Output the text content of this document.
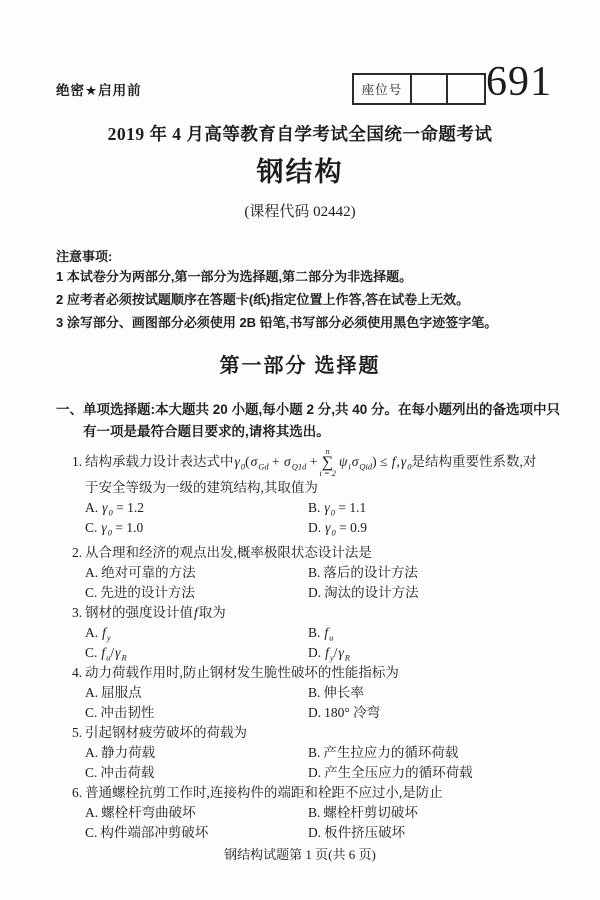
绝密★启用前	座位号 691
2019 年 4 月高等教育自学考试全国统一命题考试
钢结构
(课程代码 02442)
注意事项:
1 本试卷分为两部分,第一部分为选择题,第二部分为非选择题。
2 应考者必须按试题顺序在答题卡(纸)指定位置上作答,答在试卷上无效。
3 涂写部分、画图部分必须使用 2B 铅笔,书写部分必须使用黑色字迹签字笔。
第一部分 选择题
一、单项选择题:本大题共 20 小题,每小题 2 分,共 40 分。在每小题列出的备选项中只
有一项是最符合题目要求的,请将其选出。
1. 结构承载力设计表达式中 $\gamma_0(\sigma_{Gd} + \sigma_{Q1d}$ +
n
∑
i = 2
$\psi_i\sigma_{Qid}) \le f,\gamma_0$ 是结构重要性系数,对
于安全等级为一级的建筑结构,其取值为
A. $\gamma_0 = 1.2$	B. $\gamma_0 = 1.1$
C. $\gamma_0 = 1.0$	D. $\gamma_0 = 0.9$
2. 从合理和经济的观点出发,概率极限状态设计法是
A. 绝对可靠的方法	B. 落后的设计方法
C. 先进的设计方法	D. 淘汰的设计方法
3. 钢材的强度设计值f取为
A. $f_y$	B. $f_u$
C. $f_u/\gamma_R$	D. $f_y/\gamma_R$
4. 动力荷载作用时,防止钢材发生脆性破坏的性能指标为
A. 屈服点	B. 伸长率
C. 冲击韧性	D. 180° 冷弯
5. 引起钢材疲劳破坏的荷载为
A. 静力荷载	B. 产生拉应力的循环荷载
C. 冲击荷载	D. 产生全压应力的循环荷载
6. 普通螺栓抗剪工作时,连接构件的端距和栓距不应过小,是防止
A. 螺栓杆弯曲破坏	B. 螺栓杆剪切破坏
C. 构件端部冲剪破坏	D. 板件挤压破坏
钢结构试题第 1 页(共 6 页)
